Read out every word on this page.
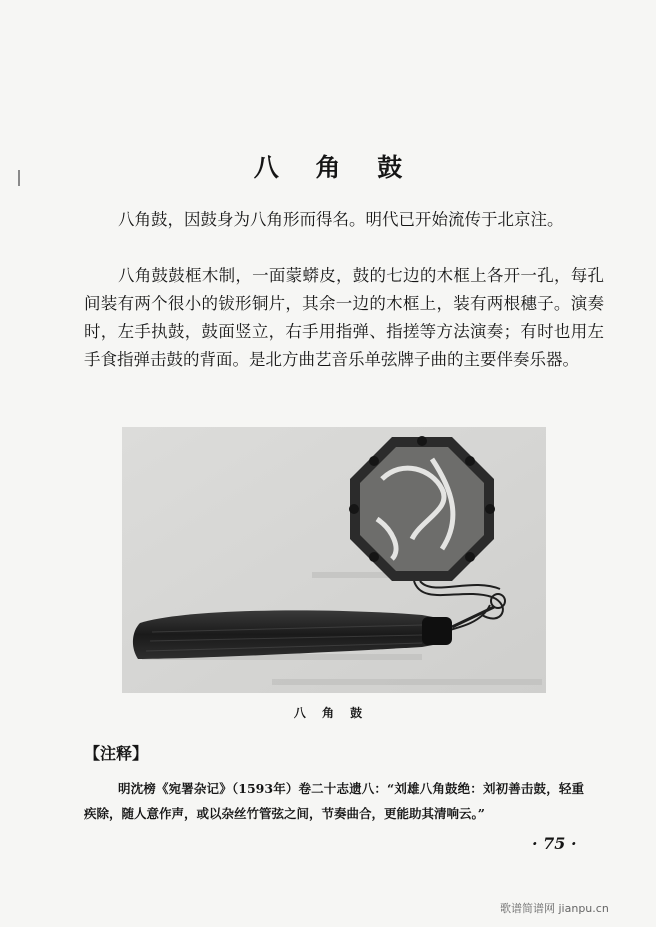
八 角 鼓
八角鼓，因鼓身为八角形而得名。明代已开始流传于北京注。
八角鼓鼓框木制，一面蒙蟒皮，鼓的七边的木框上各开一孔，每孔间装有两个很小的钹形铜片，其余一边的木框上，装有两根穗子。演奏时，左手执鼓，鼓面竖立，右手用指弹、指搓等方法演奏；有时也用左手食指弹击鼓的背面。是北方曲艺音乐单弦牌子曲的主要伴奏乐器。
八 角 鼓
【注释】
明沈榜《宛署杂记》（1593年）卷二十志遗八：“刘雄八角鼓绝：刘初善击鼓，轻重疾除，随人意作声，或以杂丝竹管弦之间，节奏曲合，更能助其清响云。”
· 75 ·
歌谱简谱网 jianpu.cn
